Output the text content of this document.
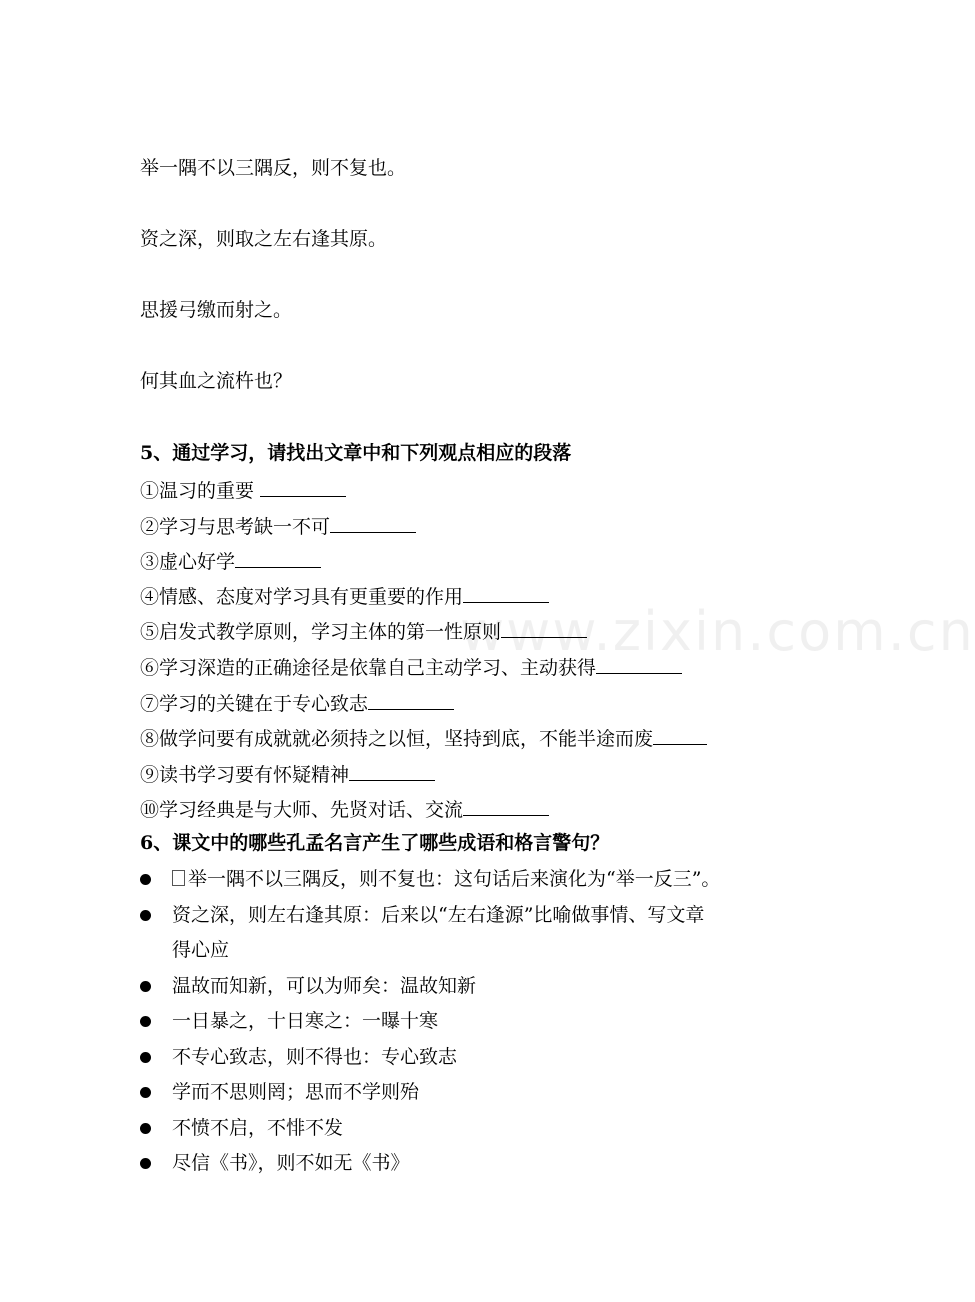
举一隅不以三隅反，则不复也。
资之深，则取之左右逢其原。
思援弓缴而射之。
何其血之流杵也？
5、通过学习，请找出文章中和下列观点相应的段落
①温习的重要
②学习与思考缺一不可
③虚心好学
④情感、态度对学习具有更重要的作用
⑤启发式教学原则，学习主体的第一性原则
⑥学习深造的正确途径是依靠自己主动学习、主动获得
⑦学习的关键在于专心致志
⑧做学问要有成就就必须持之以恒，坚持到底，不能半途而废
⑨读书学习要有怀疑精神
⑩学习经典是与大师、先贤对话、交流
6、课文中的哪些孔孟名言产生了哪些成语和格言警句？
举一隅不以三隅反，则不复也：这句话后来演化为“举一反三”。
资之深，则左右逢其原：后来以“左右逢源”比喻做事情、写文章
得心应
温故而知新，可以为师矣：温故知新
一日暴之，十日寒之：一曝十寒
不专心致志，则不得也：专心致志
学而不思则罔；思而不学则殆
不愤不启，不悱不发
尽信《书》，则不如无《书》
www.zixin.com.cn
